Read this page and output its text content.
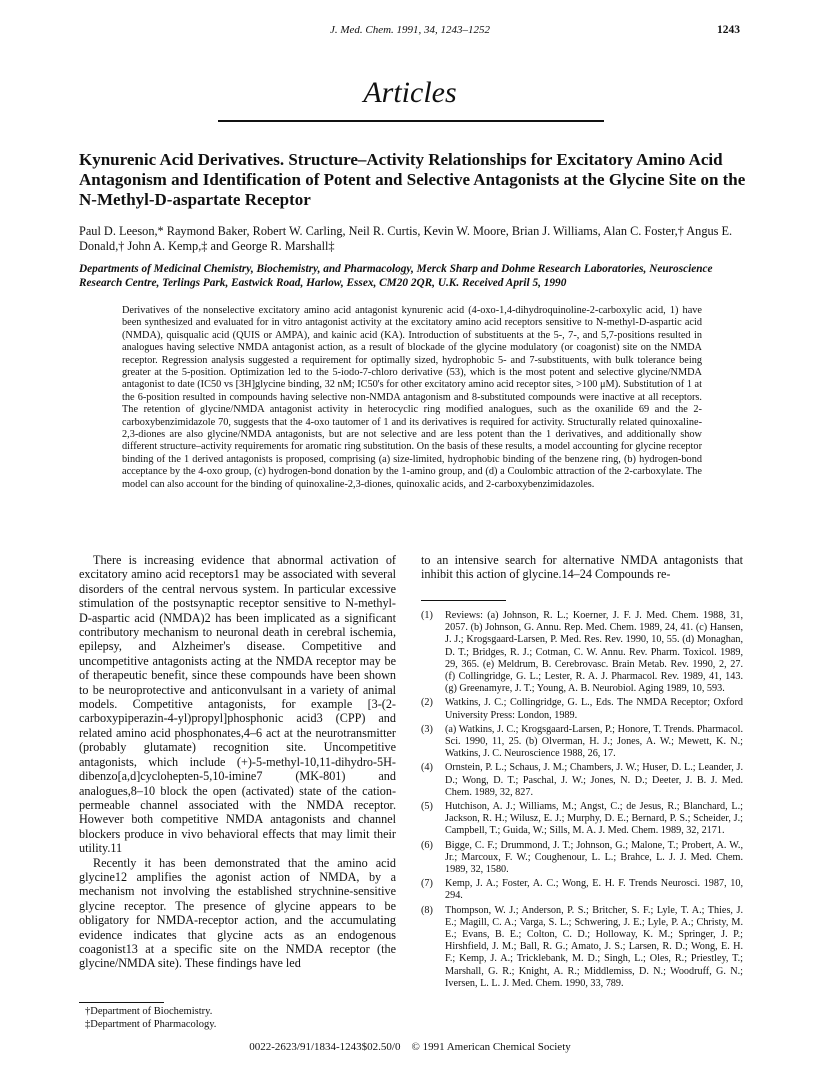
J. Med. Chem. 1991, 34, 1243–1252	1243
Articles
Kynurenic Acid Derivatives. Structure–Activity Relationships for Excitatory Amino Acid Antagonism and Identification of Potent and Selective Antagonists at the Glycine Site on the N-Methyl-D-aspartate Receptor
Paul D. Leeson,* Raymond Baker, Robert W. Carling, Neil R. Curtis, Kevin W. Moore, Brian J. Williams, Alan C. Foster,† Angus E. Donald,† John A. Kemp,‡ and George R. Marshall‡
Departments of Medicinal Chemistry, Biochemistry, and Pharmacology, Merck Sharp and Dohme Research Laboratories, Neuroscience Research Centre, Terlings Park, Eastwick Road, Harlow, Essex, CM20 2QR, U.K. Received April 5, 1990
Derivatives of the nonselective excitatory amino acid antagonist kynurenic acid (4-oxo-1,4-dihydroquinoline-2-carboxylic acid, 1) have been synthesized and evaluated for in vitro antagonist activity at the excitatory amino acid receptors sensitive to N-methyl-D-aspartic acid (NMDA), quisqualic acid (QUIS or AMPA), and kainic acid (KA). Introduction of substituents at the 5-, 7-, and 5,7-positions resulted in analogues having selective NMDA antagonist action, as a result of blockade of the glycine modulatory (or coagonist) site on the NMDA receptor. Regression analysis suggested a requirement for optimally sized, hydrophobic 5- and 7-substituents, with bulk tolerance being greater at the 5-position. Optimization led to the 5-iodo-7-chloro derivative (53), which is the most potent and selective glycine/NMDA antagonist to date (IC50 vs [3H]glycine binding, 32 nM; IC50's for other excitatory amino acid receptor sites, >100 μM). Substitution of 1 at the 6-position resulted in compounds having selective non-NMDA antagonism and 8-substituted compounds were inactive at all receptors. The retention of glycine/NMDA antagonist activity in heterocyclic ring modified analogues, such as the oxanilide 69 and the 2-carboxybenzimidazole 70, suggests that the 4-oxo tautomer of 1 and its derivatives is required for activity. Structurally related quinoxaline-2,3-diones are also glycine/NMDA antagonists, but are not selective and are less potent than the 1 derivatives, and additionally show different structure–activity requirements for aromatic ring substitution. On the basis of these results, a model accounting for glycine receptor binding of the 1 derived antagonists is proposed, comprising (a) size-limited, hydrophobic binding of the benzene ring, (b) hydrogen-bond acceptance by the 4-oxo group, (c) hydrogen-bond donation by the 1-amino group, and (d) a Coulombic attraction of the 2-carboxylate. The model can also account for the binding of quinoxaline-2,3-diones, quinoxalic acids, and 2-carboxybenzimidazoles.

There is increasing evidence that abnormal activation of excitatory amino acid receptors1 may be associated with several disorders of the central nervous system. In particular excessive stimulation of the postsynaptic receptor sensitive to N-methyl-D-aspartic acid (NMDA)2 has been implicated as a significant contributory mechanism to neuronal death in cerebral ischemia, epilepsy, and Alzheimer's disease. Competitive and uncompetitive antagonists acting at the NMDA receptor may be of therapeutic benefit, since these compounds have been shown to be neuroprotective and anticonvulsant in a variety of animal models. Competitive antagonists, for example [3-(2-carboxypiperazin-4-yl)propyl]phosphonic acid3 (CPP) and related amino acid phosphonates,4–6 act at the neurotransmitter (probably glutamate) recognition site. Uncompetitive antagonists, which include (+)-5-methyl-10,11-dihydro-5H-dibenzo[a,d]cyclohepten-5,10-imine7 (MK-801) and analogues,8–10 block the open (activated) state of the cation-permeable channel associated with the NMDA receptor. However both competitive NMDA antagonists and channel blockers produce in vivo behavioral effects that may limit their utility.11

Recently it has been demonstrated that the amino acid glycine12 amplifies the agonist action of NMDA, by a mechanism not involving the established strychnine-sensitive glycine receptor. The presence of glycine appears to be obligatory for NMDA-receptor action, and the accumulating evidence indicates that glycine acts as an endogenous coagonist13 at a specific site on the NMDA receptor (the glycine/NMDA site). These findings have led

†Department of Biochemistry.
‡Department of Pharmacology.

to an intensive search for alternative NMDA antagonists that inhibit this action of glycine.14–24 Compounds re-

(1)	Reviews: (a) Johnson, R. L.; Koerner, J. F. J. Med. Chem. 1988, 31, 2057. (b) Johnson, G. Annu. Rep. Med. Chem. 1989, 24, 41. (c) Hansen, J. J.; Krogsgaard-Larsen, P. Med. Res. Rev. 1990, 10, 55. (d) Monaghan, D. T.; Bridges, R. J.; Cotman, C. W. Annu. Rev. Pharm. Toxicol. 1989, 29, 365. (e) Meldrum, B. Cerebrovasc. Brain Metab. Rev. 1990, 2, 27. (f) Collingridge, G. L.; Lester, R. A. J. Pharmacol. Rev. 1989, 41, 143. (g) Greenamyre, J. T.; Young, A. B. Neurobiol. Aging 1989, 10, 593.
(2)	Watkins, J. C.; Collingridge, G. L., Eds. The NMDA Receptor; Oxford University Press: London, 1989.
(3)	(a) Watkins, J. C.; Krogsgaard-Larsen, P.; Honore, T. Trends. Pharmacol. Sci. 1990, 11, 25. (b) Olverman, H. J.; Jones, A. W.; Mewett, K. N.; Watkins, J. C. Neuroscience 1988, 26, 17.
(4)	Ornstein, P. L.; Schaus, J. M.; Chambers, J. W.; Huser, D. L.; Leander, J. D.; Wong, D. T.; Paschal, J. W.; Jones, N. D.; Deeter, J. B. J. Med. Chem. 1989, 32, 827.
(5)	Hutchison, A. J.; Williams, M.; Angst, C.; de Jesus, R.; Blanchard, L.; Jackson, R. H.; Wilusz, E. J.; Murphy, D. E.; Bernard, P. S.; Scheider, J.; Campbell, T.; Guida, W.; Sills, M. A. J. Med. Chem. 1989, 32, 2171.
(6)	Bigge, C. F.; Drummond, J. T.; Johnson, G.; Malone, T.; Probert, A. W., Jr.; Marcoux, F. W.; Coughenour, L. L.; Brahce, L. J. J. Med. Chem. 1989, 32, 1580.
(7)	Kemp, J. A.; Foster, A. C.; Wong, E. H. F. Trends Neurosci. 1987, 10, 294.
(8)	Thompson, W. J.; Anderson, P. S.; Britcher, S. F.; Lyle, T. A.; Thies, J. E.; Magill, C. A.; Varga, S. L.; Schwering, J. E.; Lyle, P. A.; Christy, M. E.; Evans, B. E.; Colton, C. D.; Holloway, K. M.; Springer, J. P.; Hirshfield, J. M.; Ball, R. G.; Amato, J. S.; Larsen, R. D.; Wong, E. H. F.; Kemp, J. A.; Tricklebank, M. D.; Singh, L.; Oles, R.; Priestley, T.; Marshall, G. R.; Knight, A. R.; Middlemiss, D. N.; Woodruff, G. N.; Iversen, L. L. J. Med. Chem. 1990, 33, 789.
0022-2623/91/1834-1243$02.50/0 © 1991 American Chemical Society
